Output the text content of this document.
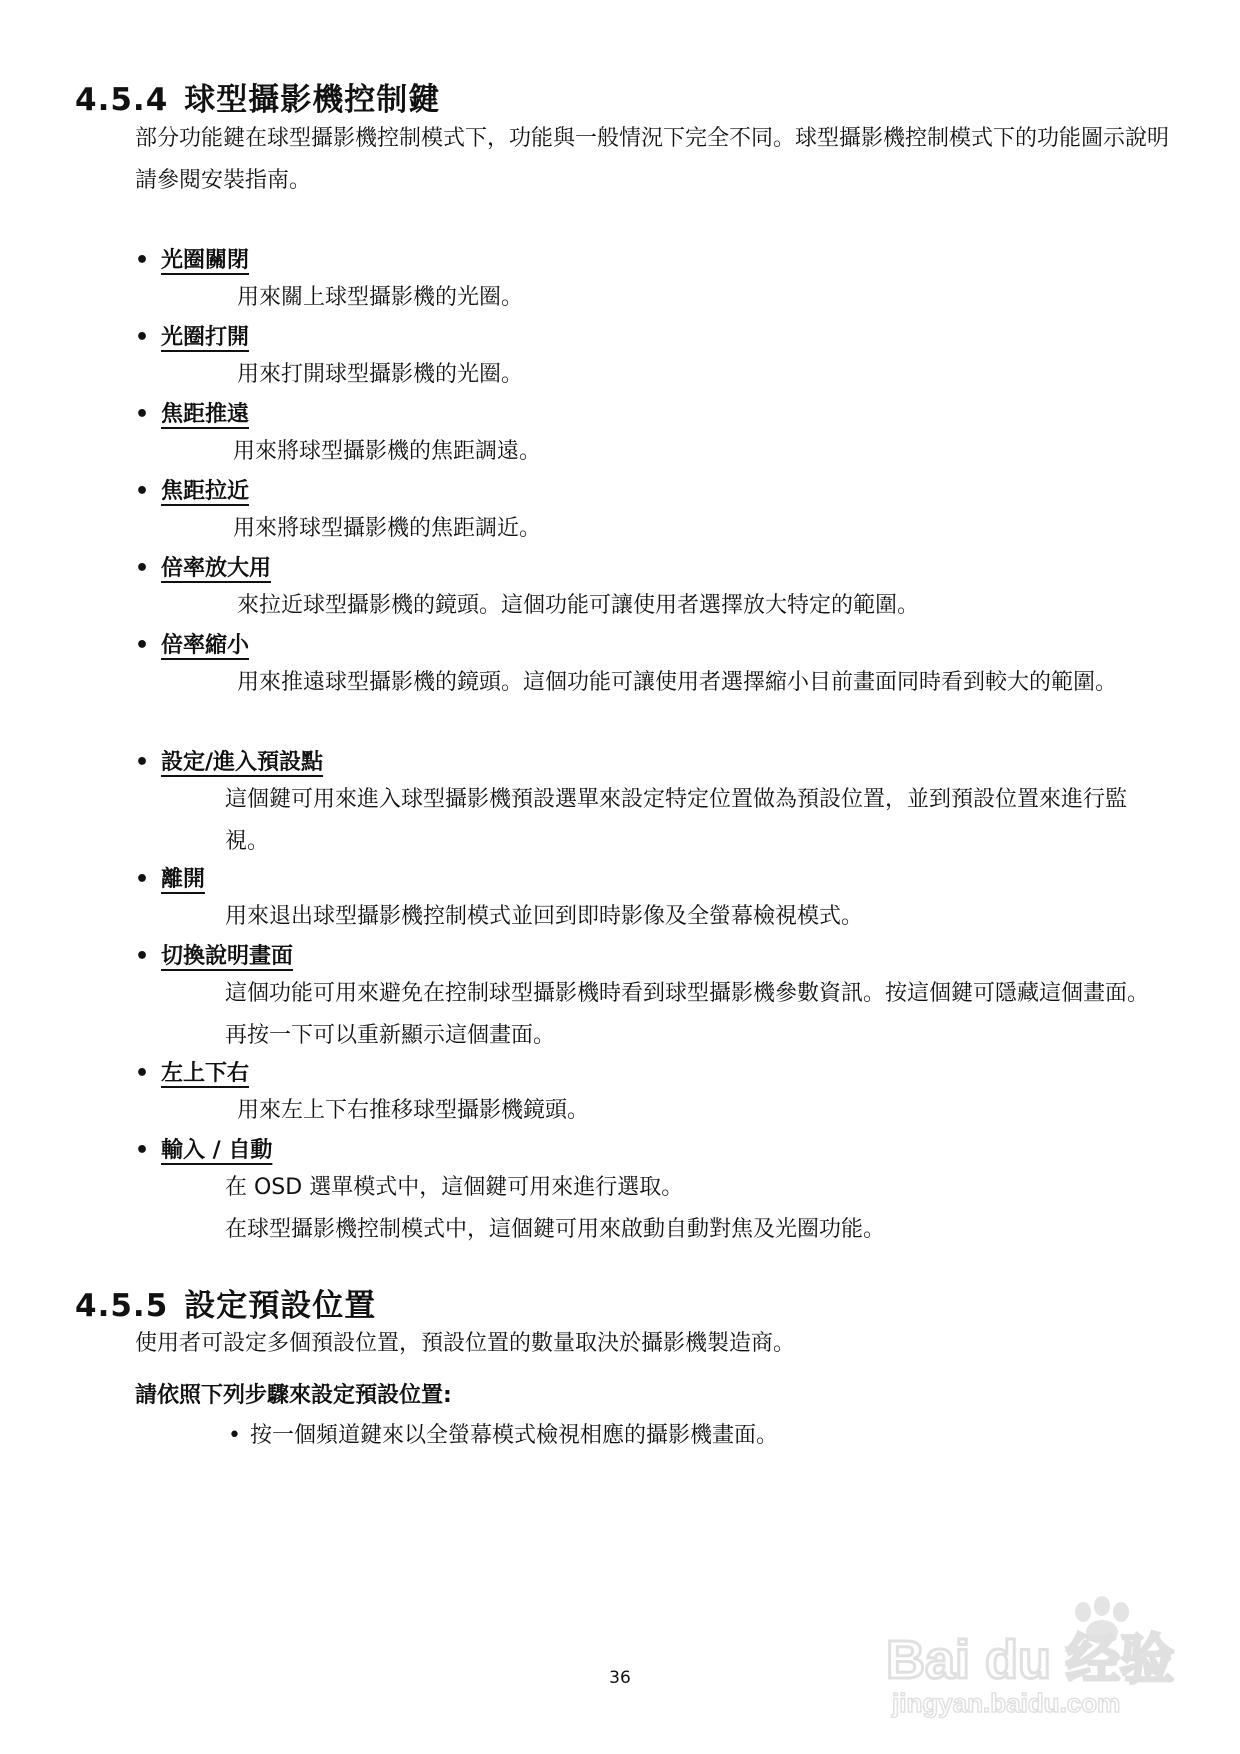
4.5.4 球型攝影機控制鍵

部分功能鍵在球型攝影機控制模式下，功能與一般情況下完全不同。球型攝影機控制模式下的功能圖示說明請參閱安裝指南。

• 光圈關閉

用來關上球型攝影機的光圈。

• 光圈打開

用來打開球型攝影機的光圈。

• 焦距推遠

用來將球型攝影機的焦距調遠。

• 焦距拉近

用來將球型攝影機的焦距調近。

• 倍率放大用

來拉近球型攝影機的鏡頭。這個功能可讓使用者選擇放大特定的範圍。

• 倍率縮小

用來推遠球型攝影機的鏡頭。這個功能可讓使用者選擇縮小目前畫面同時看到較大的範圍。

• 設定/進入預設點

這個鍵可用來進入球型攝影機預設選單來設定特定位置做為預設位置，並到預設位置來進行監視。

• 離開

用來退出球型攝影機控制模式並回到即時影像及全螢幕檢視模式。

• 切換說明畫面

這個功能可用來避免在控制球型攝影機時看到球型攝影機參數資訊。按這個鍵可隱藏這個畫面。再按一下可以重新顯示這個畫面。

• 左上下右

用來左上下右推移球型攝影機鏡頭。

• 輸入 / 自動

在 OSD 選單模式中，這個鍵可用來進行選取。

在球型攝影機控制模式中，這個鍵可用來啟動自動對焦及光圈功能。

4.5.5 設定預設位置

使用者可設定多個預設位置，預設位置的數量取決於攝影機製造商。

請依照下列步驟來設定預設位置:
• 按一個頻道鍵來以全螢幕模式檢視相應的攝影機畫面。
Bai du 经验
jingyan.baidu.com
36
